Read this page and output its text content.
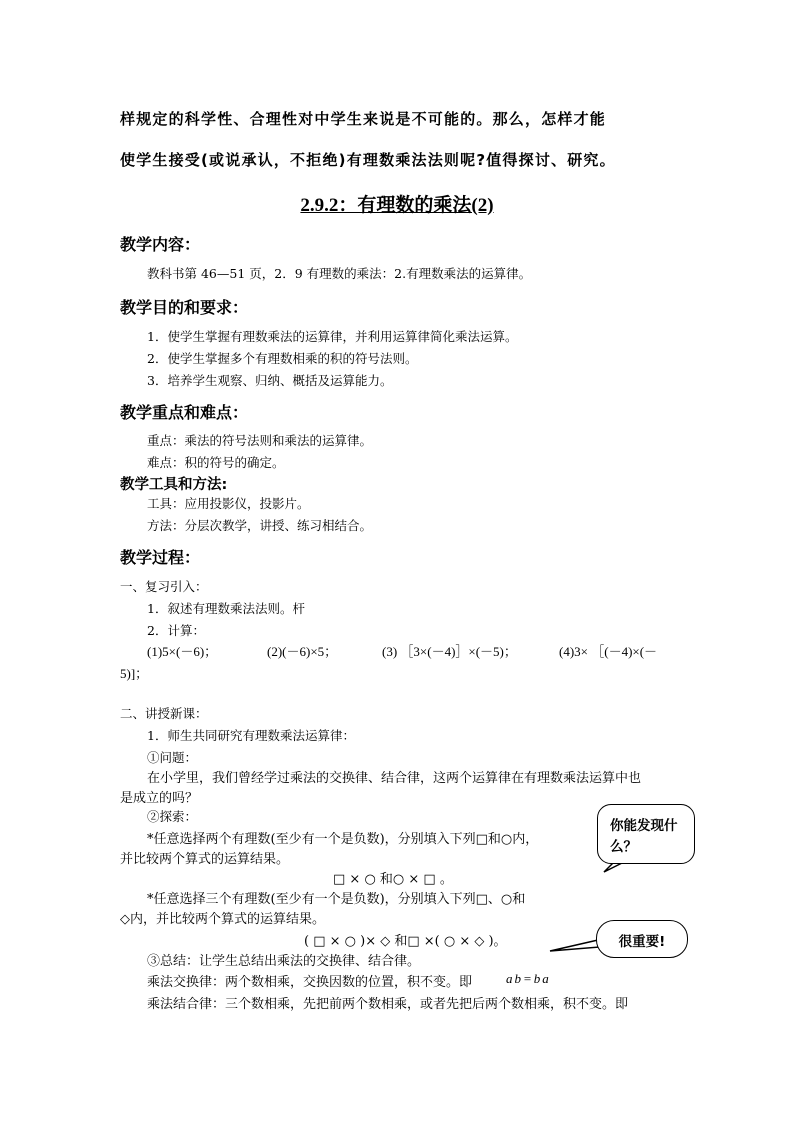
样规定的科学性、合理性对中学生来说是不可能的。那么，怎样才能
使学生接受(或说承认，不拒绝)有理数乘法法则呢?值得探讨、研究。
2.9.2：有理数的乘法(2)
教学内容：
教科书第 46—51 页，2．9 有理数的乘法：2.有理数乘法的运算律。
教学目的和要求：
1．使学生掌握有理数乘法的运算律，并利用运算律简化乘法运算。
2．使学生掌握多个有理数相乘的积的符号法则。
3．培养学生观察、归纳、概括及运算能力。
教学重点和难点：
重点：乘法的符号法则和乘法的运算律。
难点：积的符号的确定。
教学工具和方法:
工具：应用投影仪，投影片。
方法：分层次教学，讲授、练习相结合。
教学过程：
一、复习引入：
1．叙述有理数乘法法则。杆
2．计算：
(1)5×(－6)；	(2)(－6)×5；	(3) ［3×(－4)］×(－5)；	(4)3× ［(－4)×(－
5)]；
二、讲授新课：
1．师生共同研究有理数乘法运算律：
①问题：
在小学里，我们曾经学过乘法的交换律、结合律，这两个运算律在有理数乘法运算中也
是成立的吗？
②探索：
*任意选择两个有理数(至少有一个是负数)，分别填入下列□和○内，
并比较两个算式的运算结果。
□ × ○ 和○ × □ 。
*任意选择三个有理数(至少有一个是负数)，分别填入下列□、○和
◇内，并比较两个算式的运算结果。
( □ × ○ )× ◇ 和□ ×( ○ × ◇ )。
③总结：让学生总结出乘法的交换律、结合律。
乘法交换律：两个数相乘，交换因数的位置，积不变。即	ab=ba
乘法结合律：三个数相乘，先把前两个数相乘，或者先把后两个数相乘，积不变。即
你能发现什
么？
很重要!
